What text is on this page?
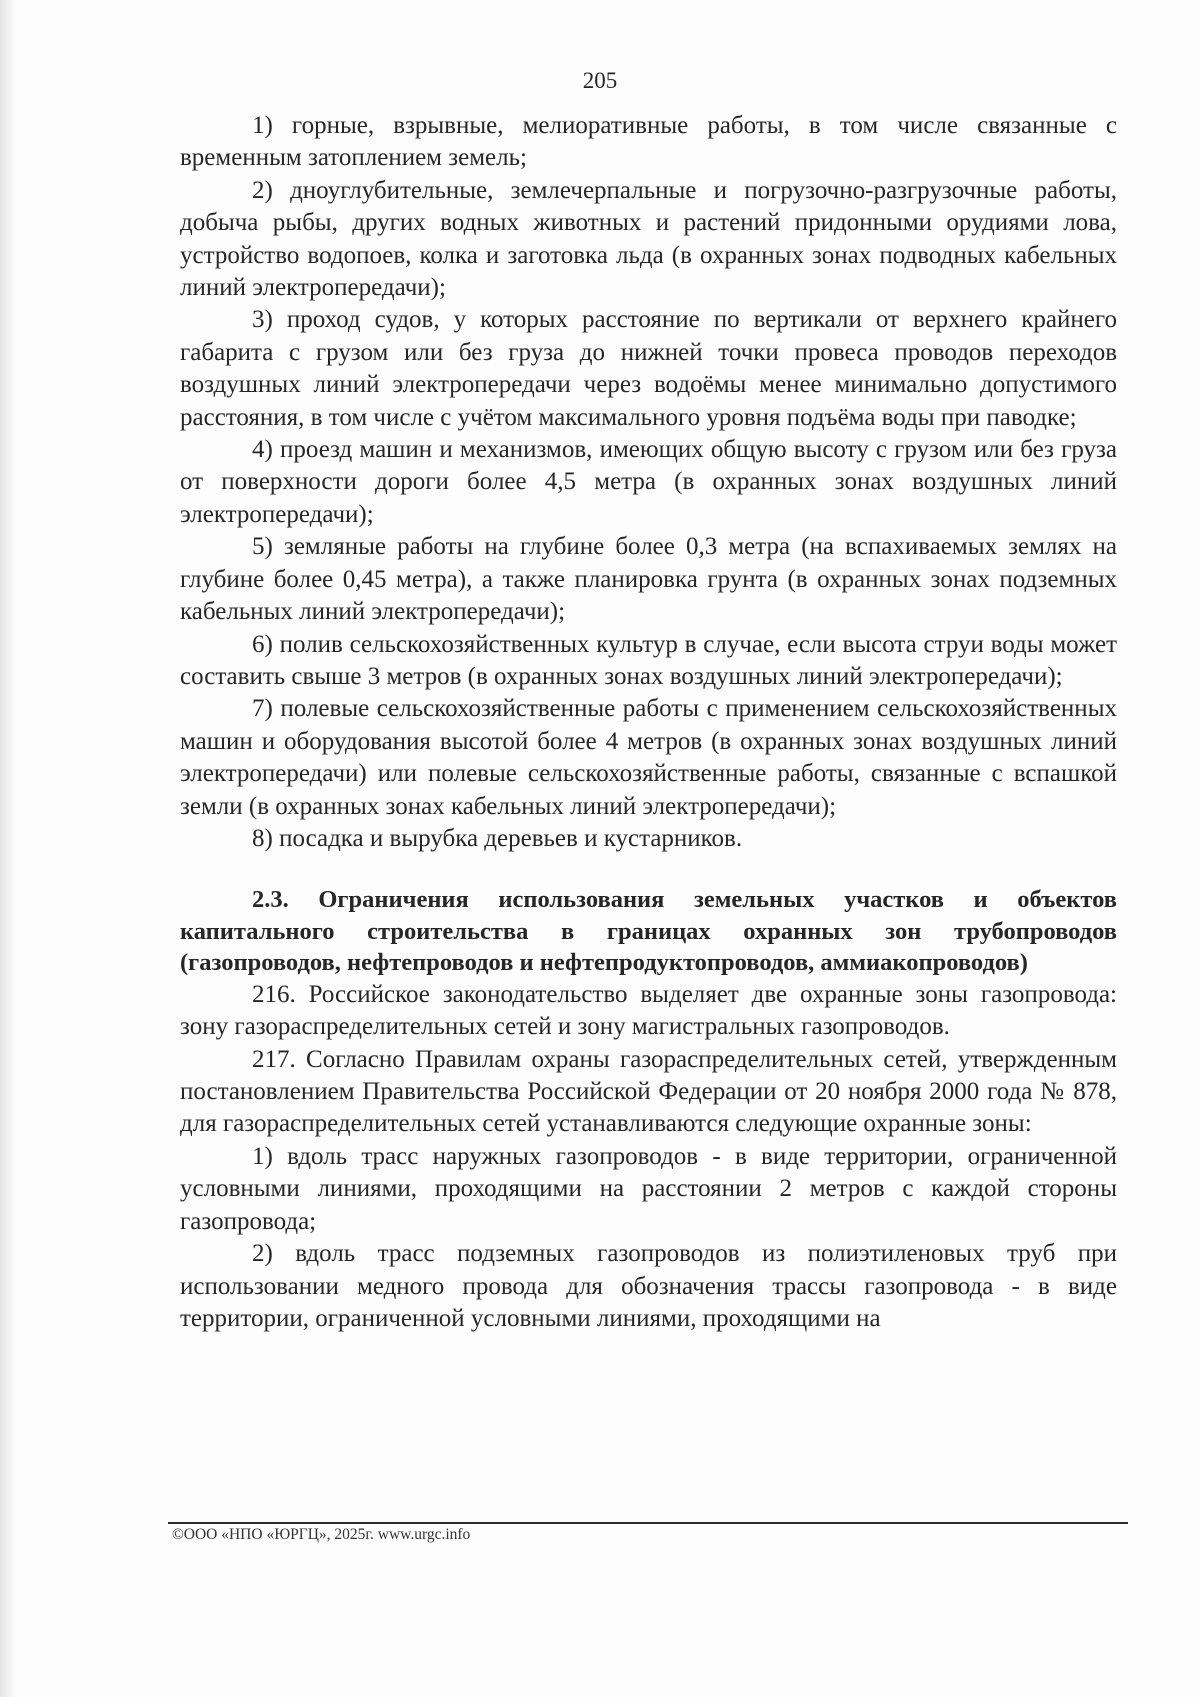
205

1) горные, взрывные, мелиоративные работы, в том числе связанные с временным затоплением земель;

2) дноуглубительные, землечерпальные и погрузочно-разгрузочные работы, добыча рыбы, других водных животных и растений придонными орудиями лова, устройство водопоев, колка и заготовка льда (в охранных зонах подводных кабельных линий электропередачи);

3) проход судов, у которых расстояние по вертикали от верхнего крайнего габарита с грузом или без груза до нижней точки провеса проводов переходов воздушных линий электропередачи через водоёмы менее минимально допустимого расстояния, в том числе с учётом максимального уровня подъёма воды при паводке;

4) проезд машин и механизмов, имеющих общую высоту с грузом или без груза от поверхности дороги более 4,5 метра (в охранных зонах воздушных линий электропередачи);

5) земляные работы на глубине более 0,3 метра (на вспахиваемых землях на глубине более 0,45 метра), а также планировка грунта (в охранных зонах подземных кабельных линий электропередачи);

6) полив сельскохозяйственных культур в случае, если высота струи воды может составить свыше 3 метров (в охранных зонах воздушных линий электропередачи);

7) полевые сельскохозяйственные работы с применением сельскохозяйственных машин и оборудования высотой более 4 метров (в охранных зонах воздушных линий электропередачи) или полевые сельскохозяйственные работы, связанные с вспашкой земли (в охранных зонах кабельных линий электропередачи);

8) посадка и вырубка деревьев и кустарников.

2.3. Ограничения использования земельных участков и объектов капитального строительства в границах охранных зон трубопроводов (газопроводов, нефтепроводов и нефтепродуктопроводов, аммиакопроводов)

216. Российское законодательство выделяет две охранные зоны газопровода: зону газораспределительных сетей и зону магистральных газопроводов.

217. Согласно Правилам охраны газораспределительных сетей, утвержденным постановлением Правительства Российской Федерации от 20 ноября 2000 года № 878, для газораспределительных сетей устанавливаются следующие охранные зоны:

1) вдоль трасс наружных газопроводов - в виде территории, ограниченной условными линиями, проходящими на расстоянии 2 метров с каждой стороны газопровода;

2) вдоль трасс подземных газопроводов из полиэтиленовых труб при использовании медного провода для обозначения трассы газопровода - в виде территории, ограниченной условными линиями, проходящими на

©ООО «НПО «ЮРГЦ», 2025г. www.urgc.info
